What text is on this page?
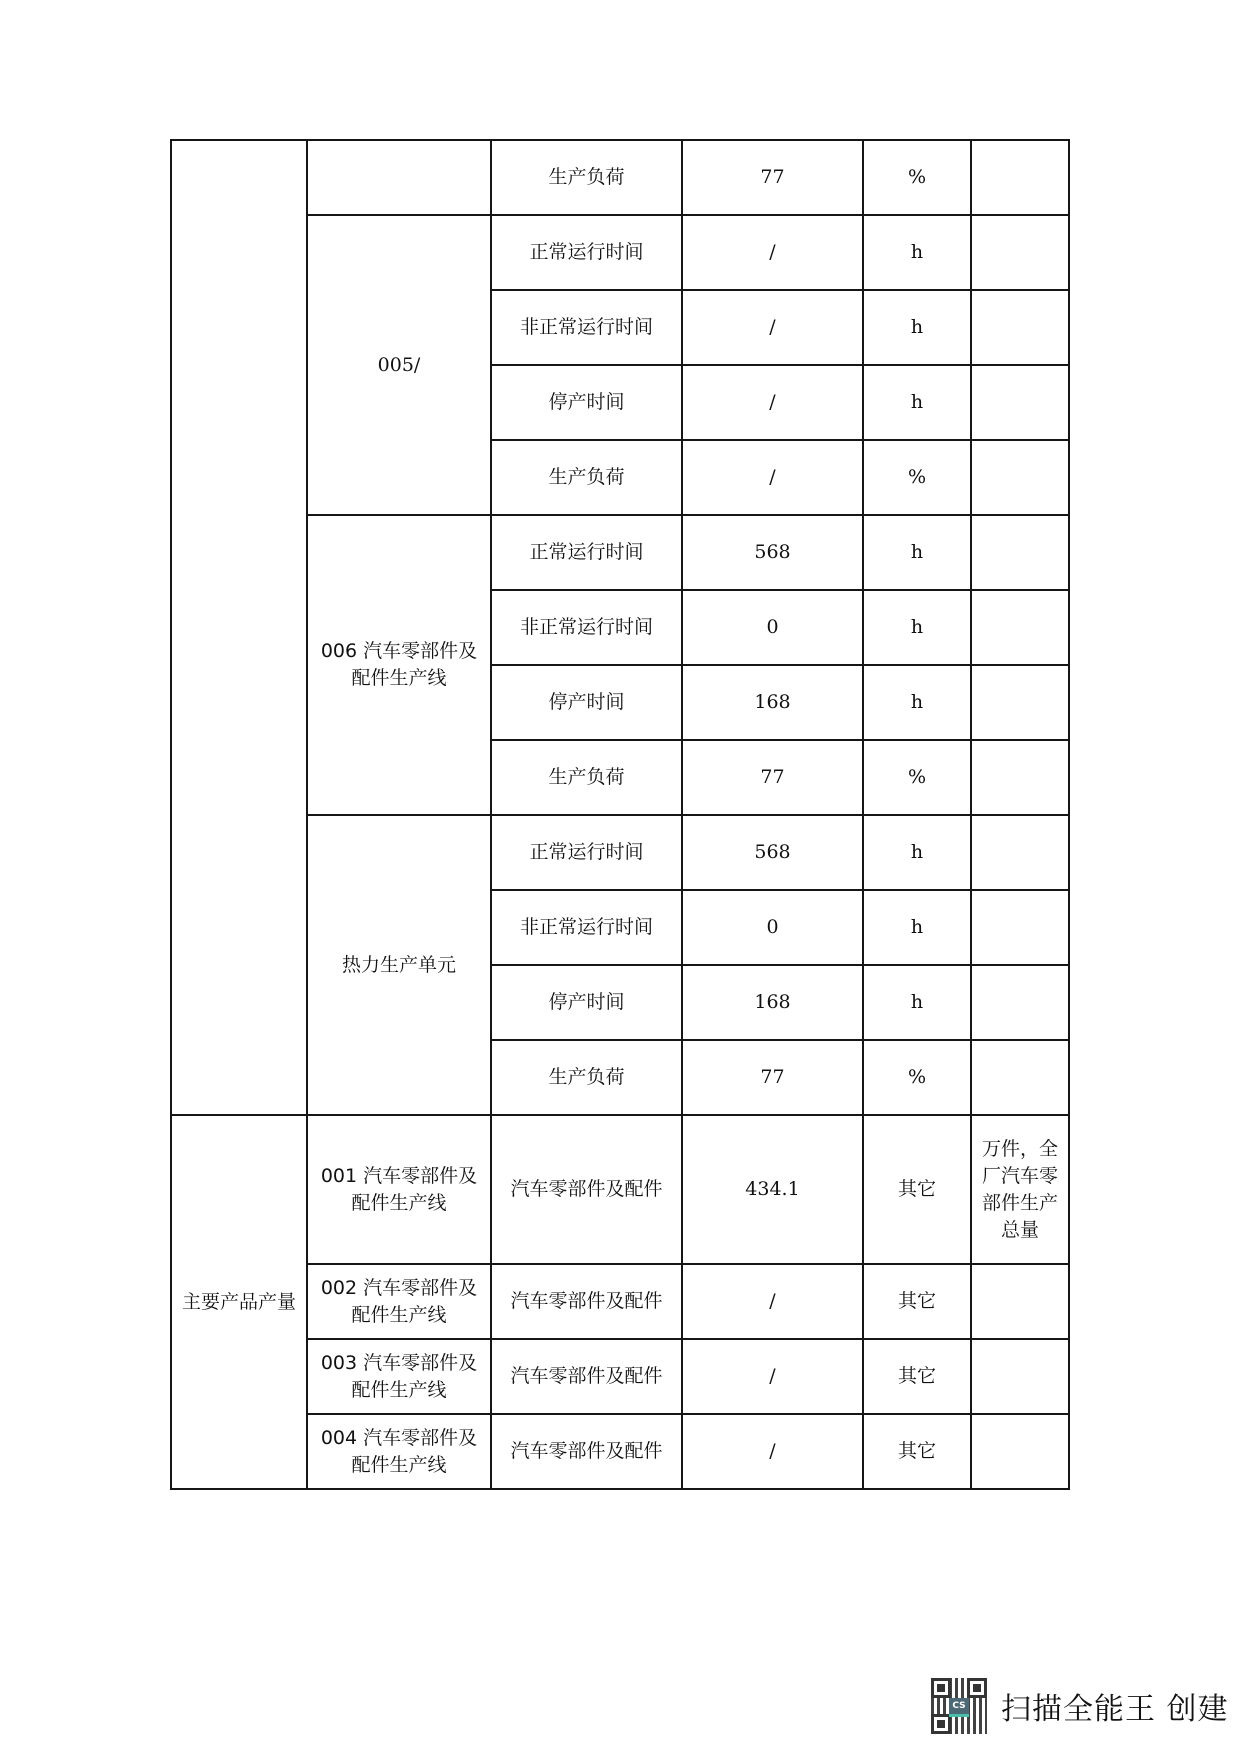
		生产负荷	77	%	
	005/	正常运行时间	/	h	
		非正常运行时间	/	h	
		停产时间	/	h	
		生产负荷	/	%	
	006 汽车零部件及配件生产线	正常运行时间	568	h	
		非正常运行时间	0	h	
		停产时间	168	h	
		生产负荷	77	%	
	热力生产单元	正常运行时间	568	h	
		非正常运行时间	0	h	
		停产时间	168	h	
		生产负荷	77	%	
主要产品产量	001 汽车零部件及配件生产线	汽车零部件及配件	434.1	其它	万件，全厂汽车零部件生产总量
	002 汽车零部件及配件生产线	汽车零部件及配件	/	其它	
	003 汽车零部件及配件生产线	汽车零部件及配件	/	其它	
	004 汽车零部件及配件生产线	汽车零部件及配件	/	其它	
CS 扫描全能王 创建
